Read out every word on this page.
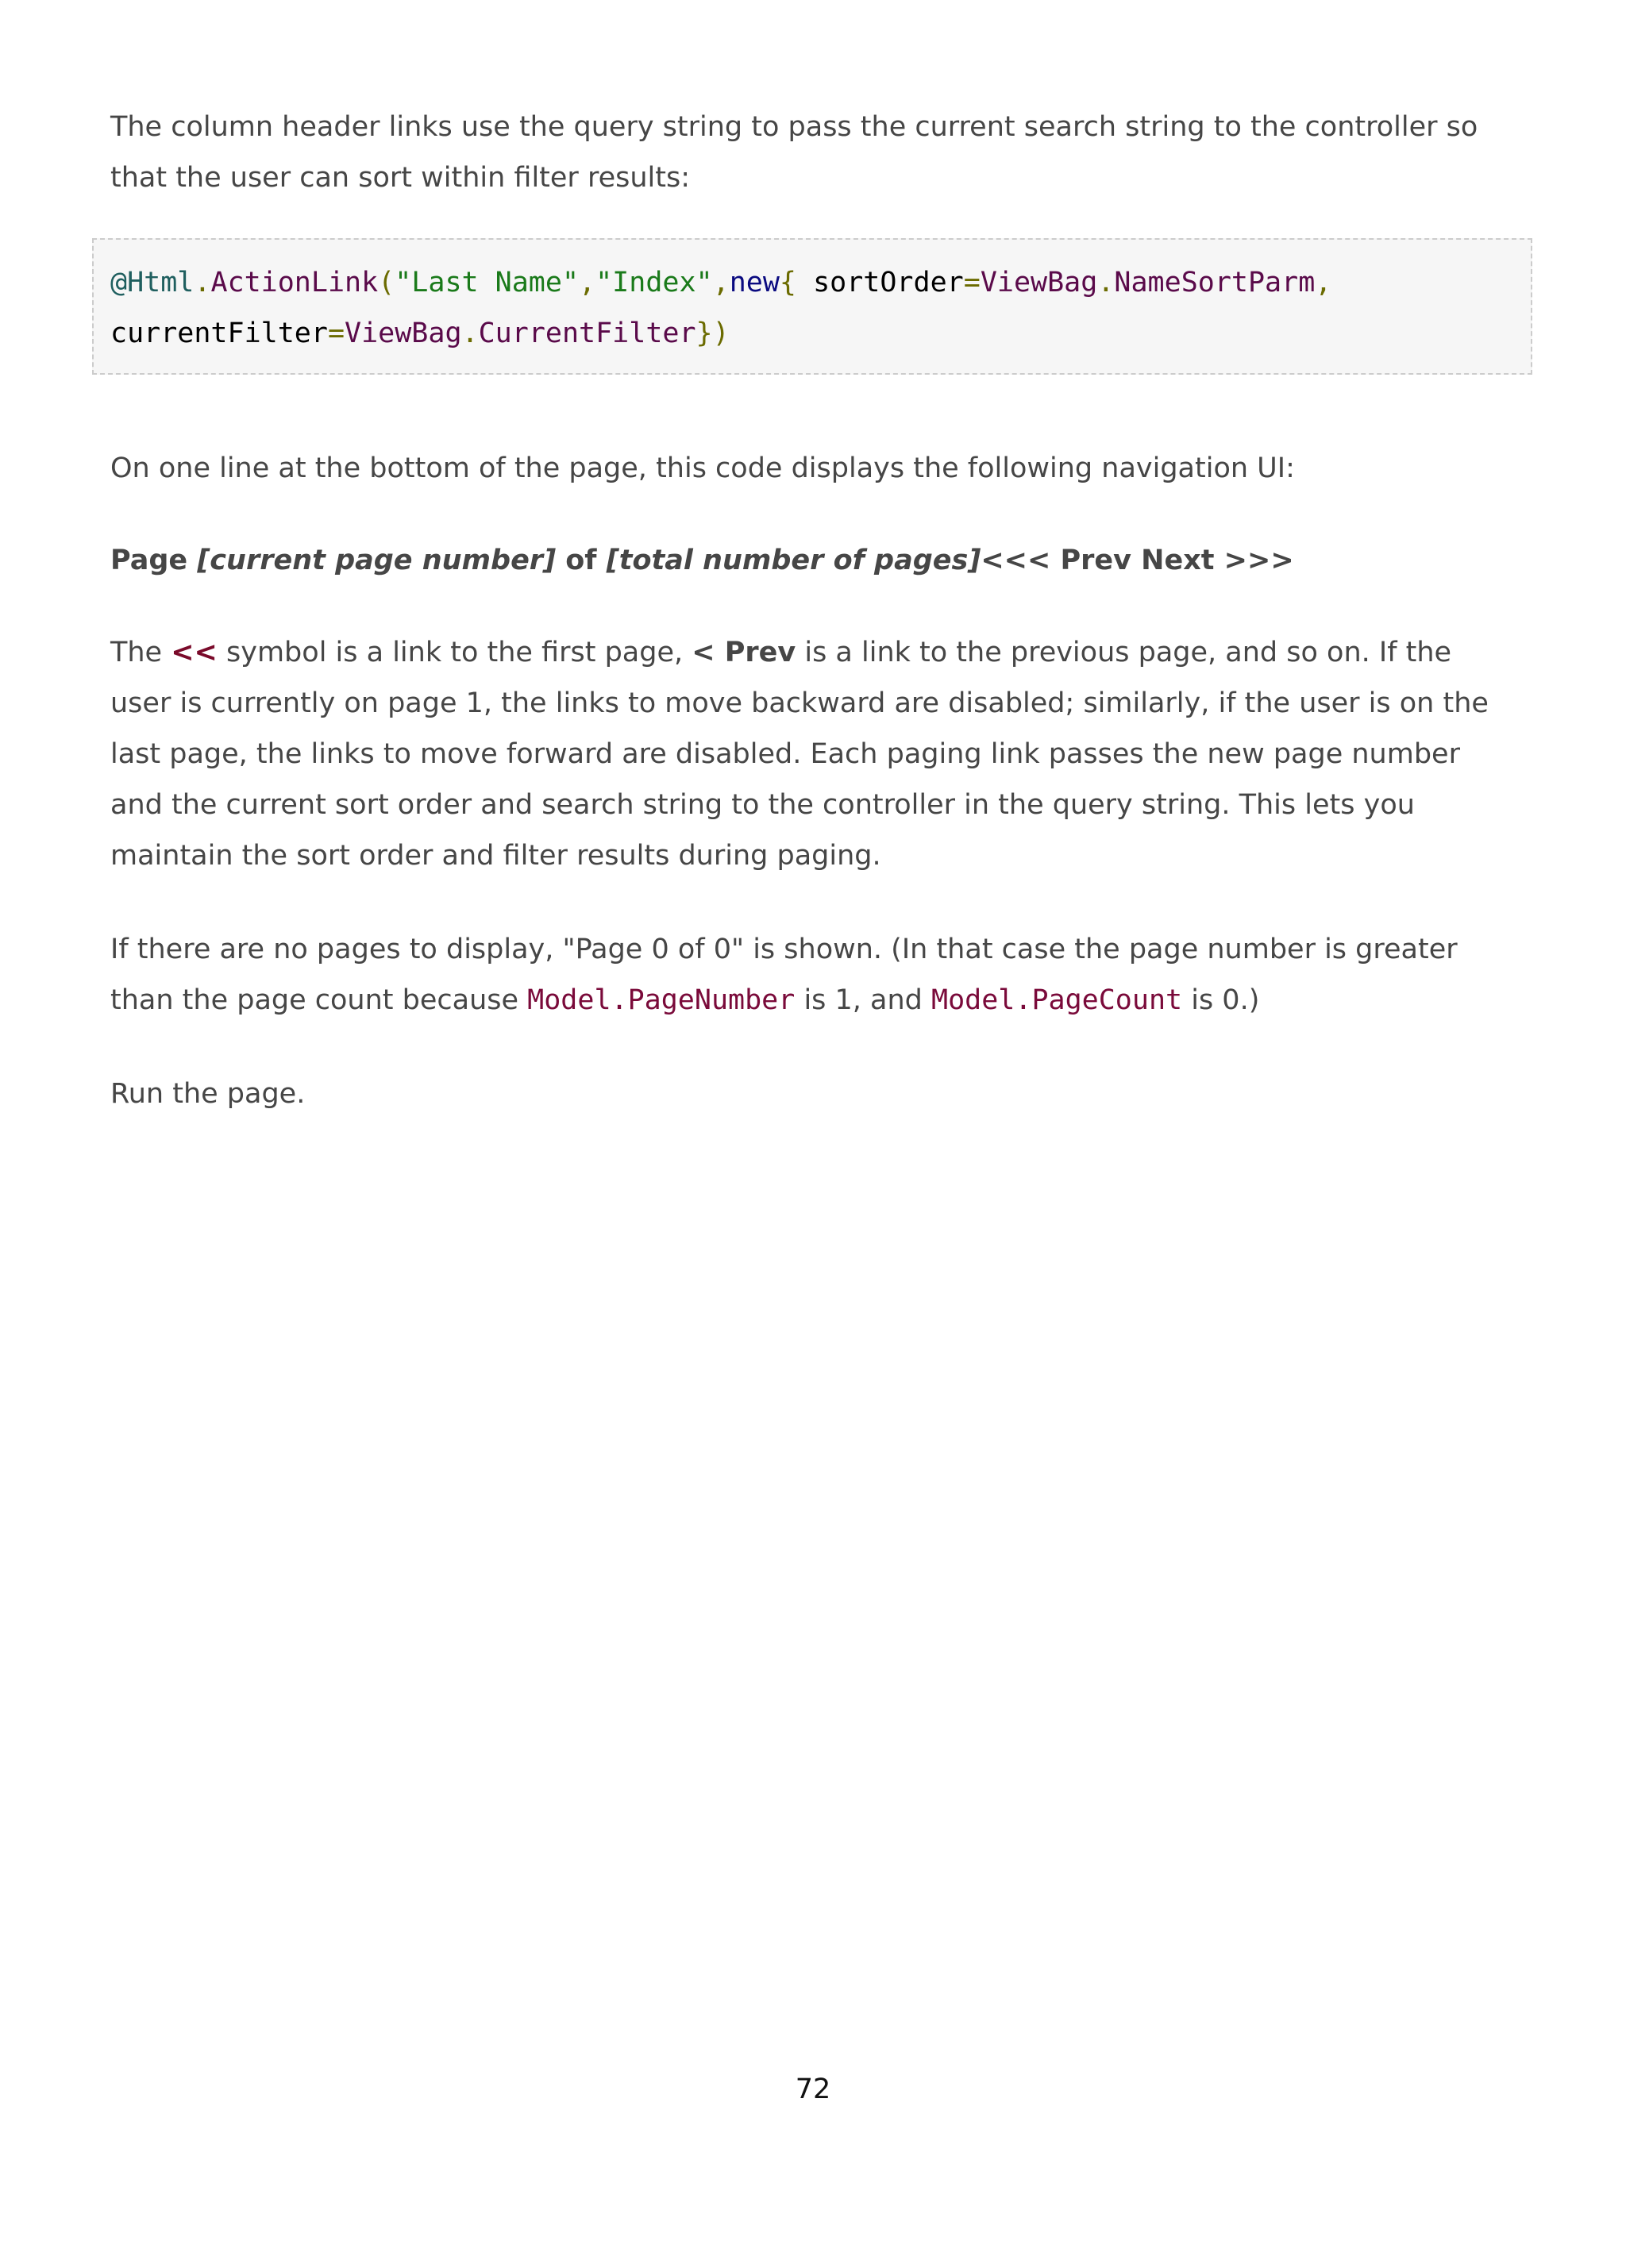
The column header links use the query string to pass the current search string to the controller so that the user can sort within filter results:

@Html.ActionLink("Last Name","Index",new{ sortOrder=ViewBag.NameSortParm,
currentFilter=ViewBag.CurrentFilter})

On one line at the bottom of the page, this code displays the following navigation UI:

Page [current page number] of [total number of pages]<<< Prev Next >>>

The << symbol is a link to the first page, < Prev is a link to the previous page, and so on. If the user is currently on page 1, the links to move backward are disabled; similarly, if the user is on the last page, the links to move forward are disabled. Each paging link passes the new page number and the current sort order and search string to the controller in the query string. This lets you maintain the sort order and filter results during paging.

If there are no pages to display, "Page 0 of 0" is shown. (In that case the page number is greater than the page count because Model.PageNumber is 1, and Model.PageCount is 0.)

Run the page.

72
